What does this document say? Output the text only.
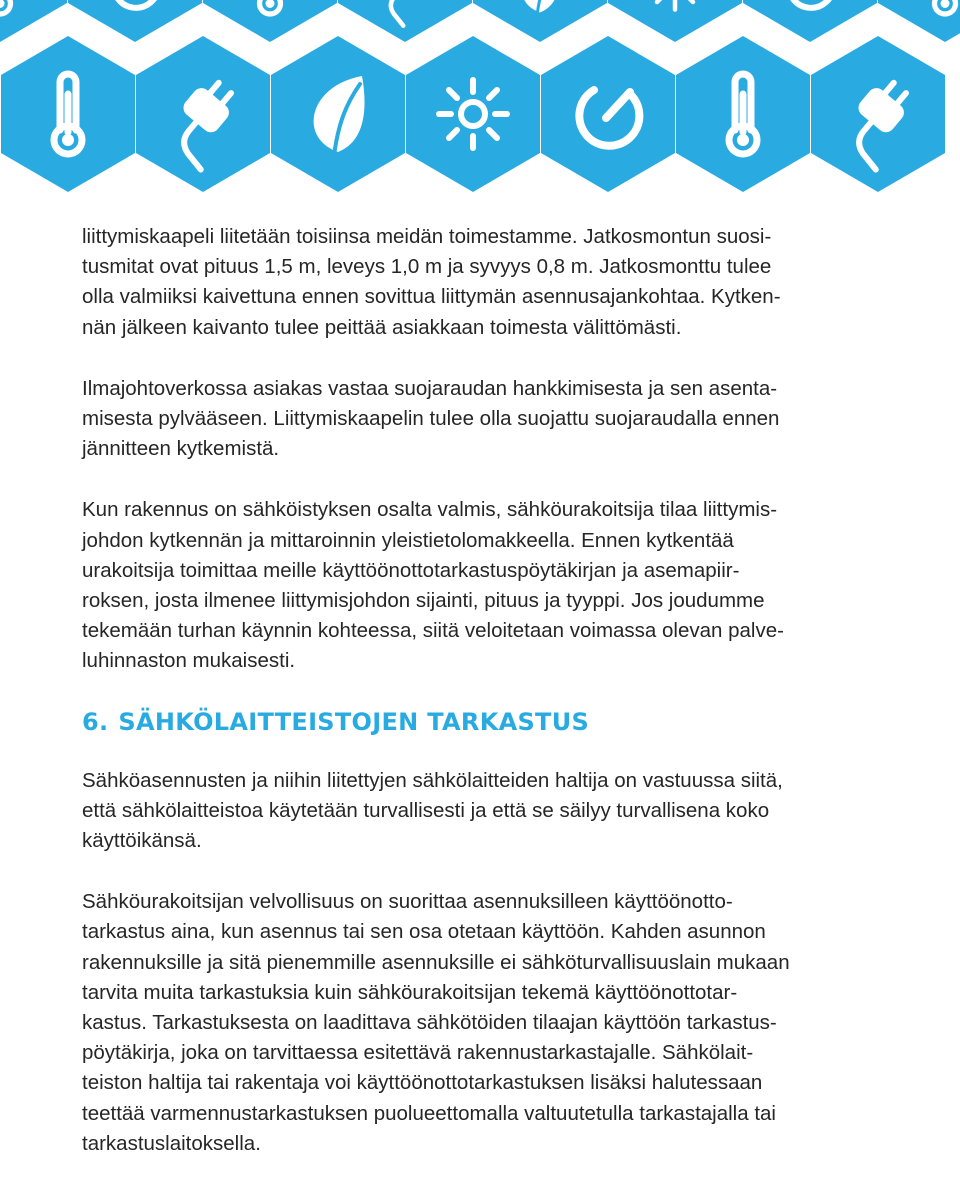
liittymiskaapeli liitetään toisiinsa meidän toimestamme. Jatkosmontun suosi-
tusmitat ovat pituus 1,5 m, leveys 1,0 m ja syvyys 0,8 m. Jatkosmonttu tulee
olla valmiiksi kaivettuna ennen sovittua liittymän asennusajankohtaa. Kytken-
nän jälkeen kaivanto tulee peittää asiakkaan toimesta välittömästi.

Ilmajohtoverkossa asiakas vastaa suojaraudan hankkimisesta ja sen asenta-
misesta pylvääseen. Liittymiskaapelin tulee olla suojattu suojaraudalla ennen
jännitteen kytkemistä.

Kun rakennus on sähköistyksen osalta valmis, sähköurakoitsija tilaa liittymis-
johdon kytkennän ja mittaroinnin yleistietolomakkeella. Ennen kytkentää
urakoitsija toimittaa meille käyttöönottotarkastuspöytäkirjan ja asemapiir-
roksen, josta ilmenee liittymisjohdon sijainti, pituus ja tyyppi. Jos joudumme
tekemään turhan käynnin kohteessa, siitä veloitetaan voimassa olevan palve-
luhinnaston mukaisesti.

6. SÄHKÖLAITTEISTOJEN TARKASTUS

Sähköasennusten ja niihin liitettyjen sähkölaitteiden haltija on vastuussa siitä,
että sähkölaitteistoa käytetään turvallisesti ja että se säilyy turvallisena koko
käyttöikänsä.

Sähköurakoitsijan velvollisuus on suorittaa asennuksilleen käyttöönotto-
tarkastus aina, kun asennus tai sen osa otetaan käyttöön. Kahden asunnon
rakennuksille ja sitä pienemmille asennuksille ei sähköturvallisuuslain mukaan
tarvita muita tarkastuksia kuin sähköurakoitsijan tekemä käyttöönottotar-
kastus. Tarkastuksesta on laadittava sähkötöiden tilaajan käyttöön tarkastus-
pöytäkirja, joka on tarvittaessa esitettävä rakennustarkastajalle. Sähkölait-
teiston haltija tai rakentaja voi käyttöönottotarkastuksen lisäksi halutessaan
teettää varmennustarkastuksen puolueettomalla valtuutetulla tarkastajalla tai
tarkastuslaitoksella.
